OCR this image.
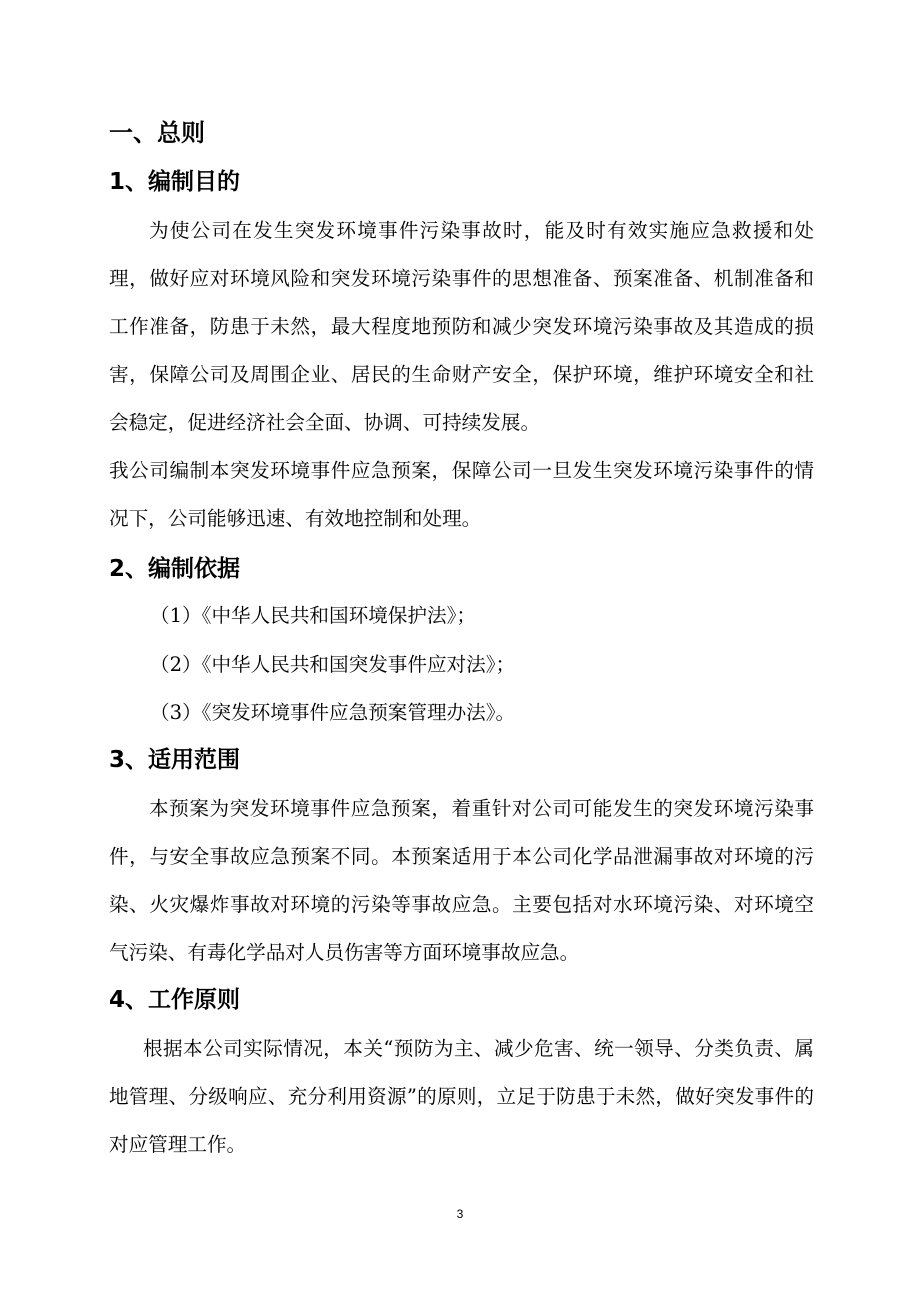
一、总则
1、编制目的

为使公司在发生突发环境事件污染事故时，能及时有效实施应急救援和处理，做好应对环境风险和突发环境污染事件的思想准备、预案准备、机制准备和工作准备，防患于未然，最大程度地预防和减少突发环境污染事故及其造成的损害，保障公司及周围企业、居民的生命财产安全，保护环境，维护环境安全和社会稳定，促进经济社会全面、协调、可持续发展。

我公司编制本突发环境事件应急预案，保障公司一旦发生突发环境污染事件的情况下，公司能够迅速、有效地控制和处理。

2、编制依据
（1）《中华人民共和国环境保护法》；
（2）《中华人民共和国突发事件应对法》；
（3）《突发环境事件应急预案管理办法》。
3、适用范围

本预案为突发环境事件应急预案，着重针对公司可能发生的突发环境污染事件，与安全事故应急预案不同。本预案适用于本公司化学品泄漏事故对环境的污染、火灾爆炸事故对环境的污染等事故应急。主要包括对水环境污染、对环境空气污染、有毒化学品对人员伤害等方面环境事故应急。

4、工作原则

根据本公司实际情况，本关“预防为主、减少危害、统一领导、分类负责、属地管理、分级响应、充分利用资源”的原则，立足于防患于未然，做好突发事件的对应管理工作。

3
